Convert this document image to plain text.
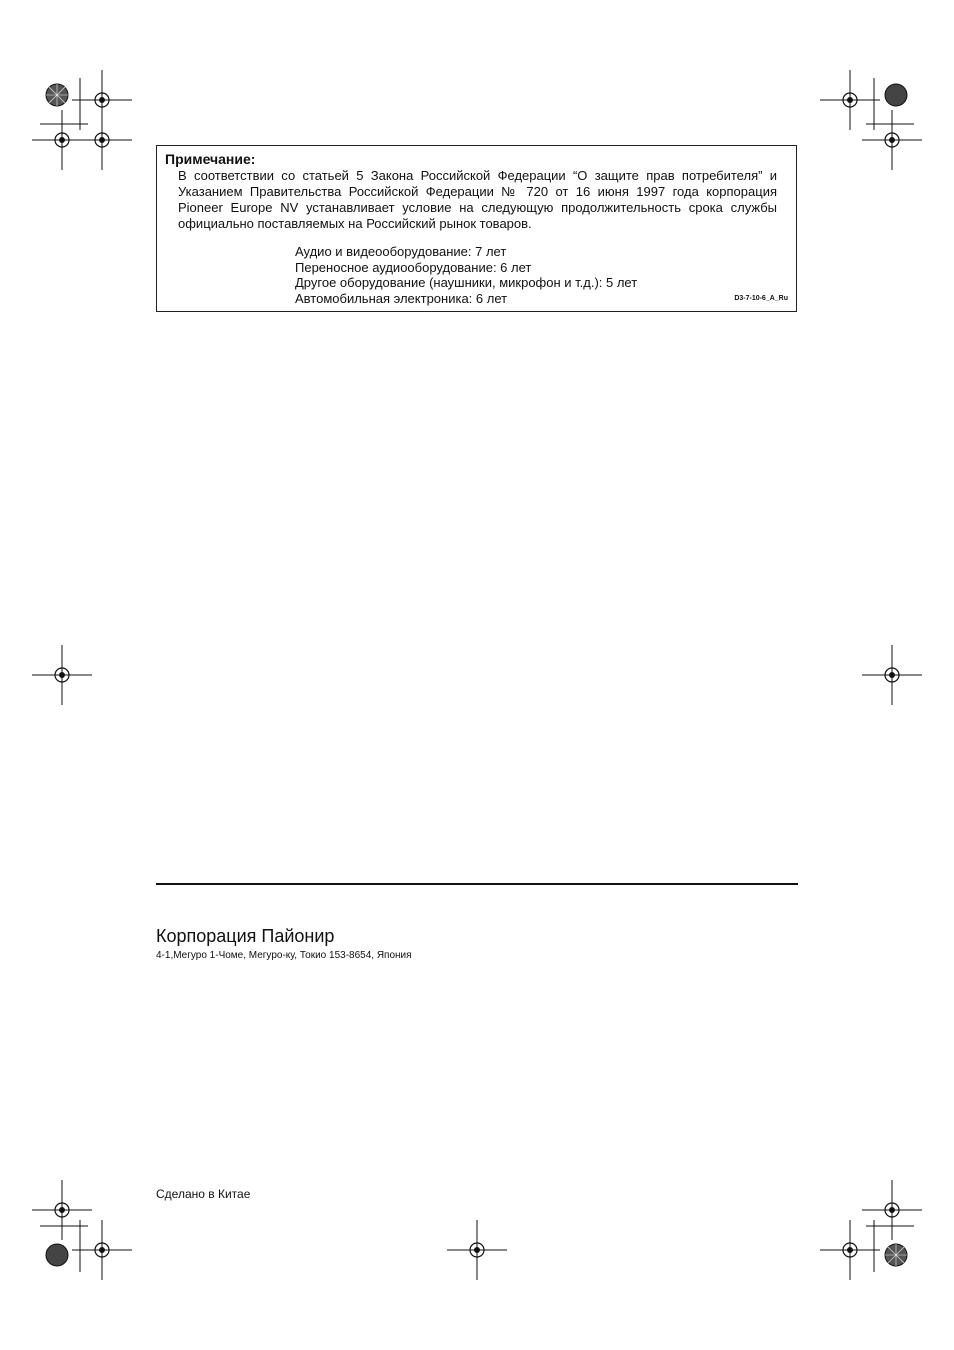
Примечание:
В соответствии со статьей 5 Закона Российской Федерации “О защите прав потребителя” и Указанием Правительства Российской Федерации № 720 от 16 июня 1997 года корпорация Pioneer Europe NV устанавливает условие на следующую продолжительность срока службы официально поставляемых на Российский рынок товаров.
Аудио и видеооборудование: 7 лет
Переносное аудиооборудование: 6 лет
Другое оборудование (наушники, микрофон и т.д.): 5 лет
Автомобильная электроника: 6 лет	D3-7-10-6_A_Ru
Корпорация Пайонир
4-1,Мегуро 1-Чоме, Мегуро-ку, Токио 153-8654, Япония
Сделано в Китае
